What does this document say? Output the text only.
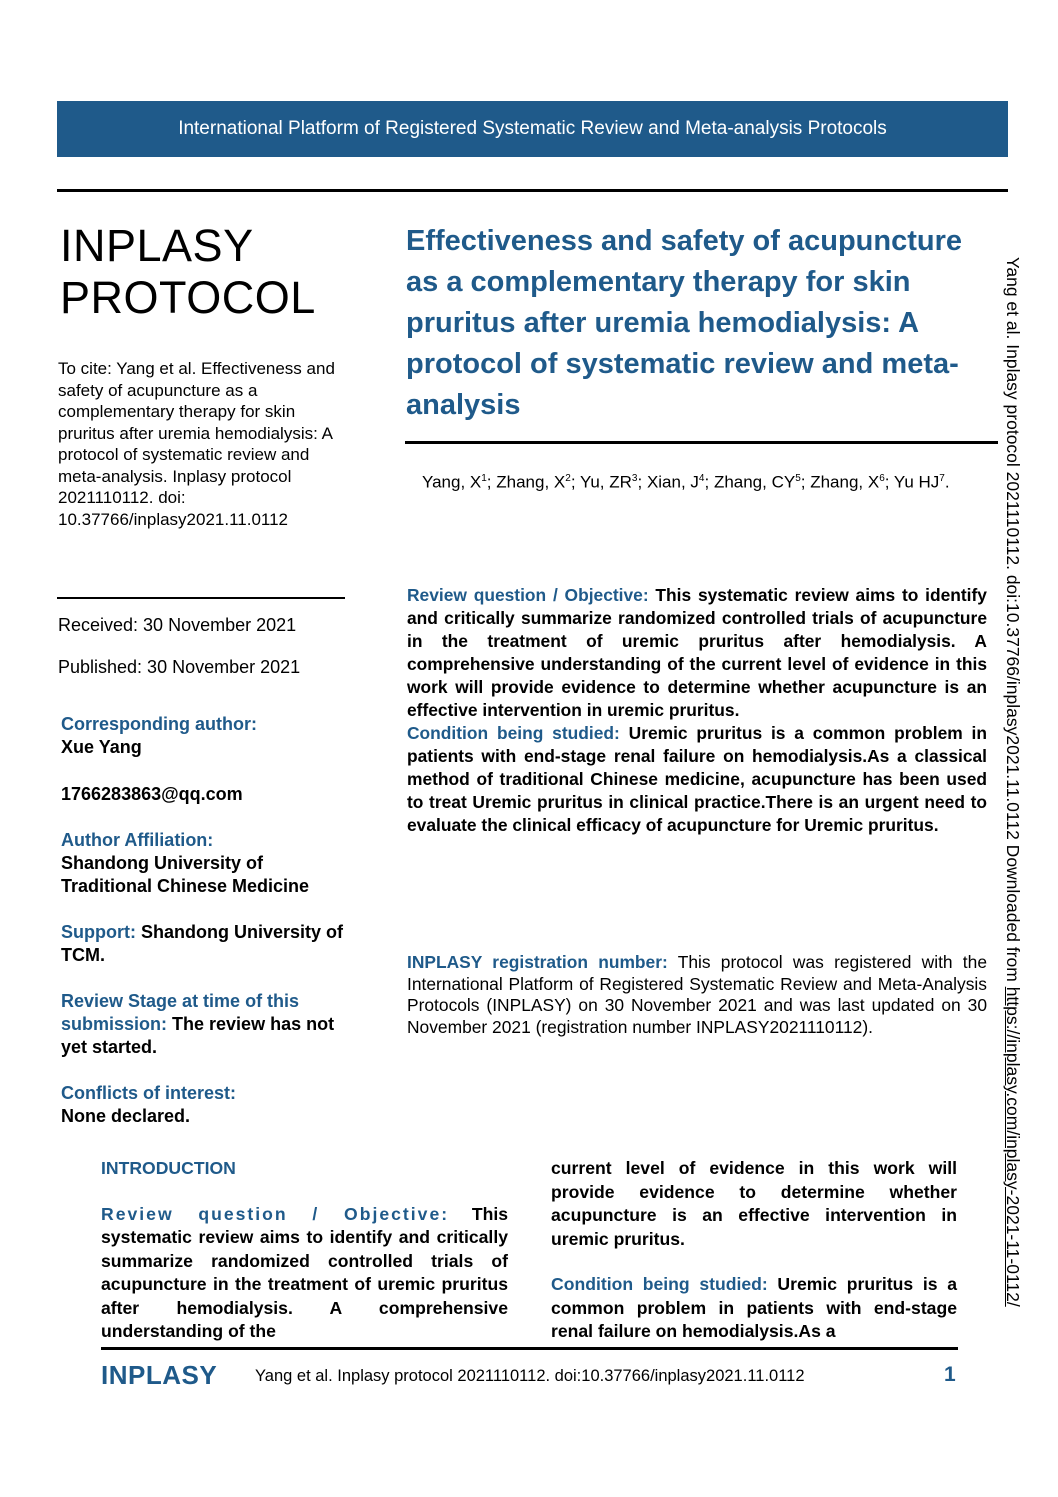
International Platform of Registered Systematic Review and Meta-analysis Protocols
INPLASY
PROTOCOL
To cite: Yang et al. Effectiveness and safety of acupuncture as a complementary therapy for skin pruritus after uremia hemodialysis: A protocol of systematic review and meta-analysis. Inplasy protocol 2021110112. doi: 10.37766/inplasy2021.11.0112
Received: 30 November 2021
Published: 30 November 2021
Corresponding author:
Xue Yang
1766283863@qq.com
Author Affiliation:
Shandong University of Traditional Chinese Medicine
Support: Shandong University of TCM.
Review Stage at time of this submission: The review has not yet started.
Conflicts of interest:
None declared.
Effectiveness and safety of acupuncture as a complementary therapy for skin pruritus after uremia hemodialysis: A protocol of systematic review and meta-analysis
Yang, $X^1$; Zhang, $X^2$; Yu, $ZR^3$; Xian, $J^4$; Zhang, $CY^5$; Zhang, $X^6$; Yu $HJ^7$.
Review question / Objective: This systematic review aims to identify and critically summarize randomized controlled trials of acupuncture in the treatment of uremic pruritus after hemodialysis. A comprehensive understanding of the current level of evidence in this work will provide evidence to determine whether acupuncture is an effective intervention in uremic pruritus.
Condition being studied: Uremic pruritus is a common problem in patients with end-stage renal failure on hemodialysis.As a classical method of traditional Chinese medicine, acupuncture has been used to treat Uremic pruritus in clinical practice.There is an urgent need to evaluate the clinical efficacy of acupuncture for Uremic pruritus.
INPLASY registration number: This protocol was registered with the International Platform of Registered Systematic Review and Meta-Analysis Protocols (INPLASY) on 30 November 2021 and was last updated on 30 November 2021 (registration number INPLASY2021110112).
INTRODUCTION
Review question / Objective: This systematic review aims to identify and critically summarize randomized controlled trials of acupuncture in the treatment of uremic pruritus after hemodialysis. A comprehensive understanding of the
current level of evidence in this work will provide evidence to determine whether acupuncture is an effective intervention in uremic pruritus.
Condition being studied: Uremic pruritus is a common problem in patients with end-stage renal failure on hemodialysis.As a
INPLASY Yang et al. Inplasy protocol 2021110112. doi:10.37766/inplasy2021.11.0112	1
Yang et al. Inplasy protocol 2021110112. doi:10.37766/inplasy2021.11.0112 Downloaded from https://inplasy.com/inplasy-2021-11-0112/
